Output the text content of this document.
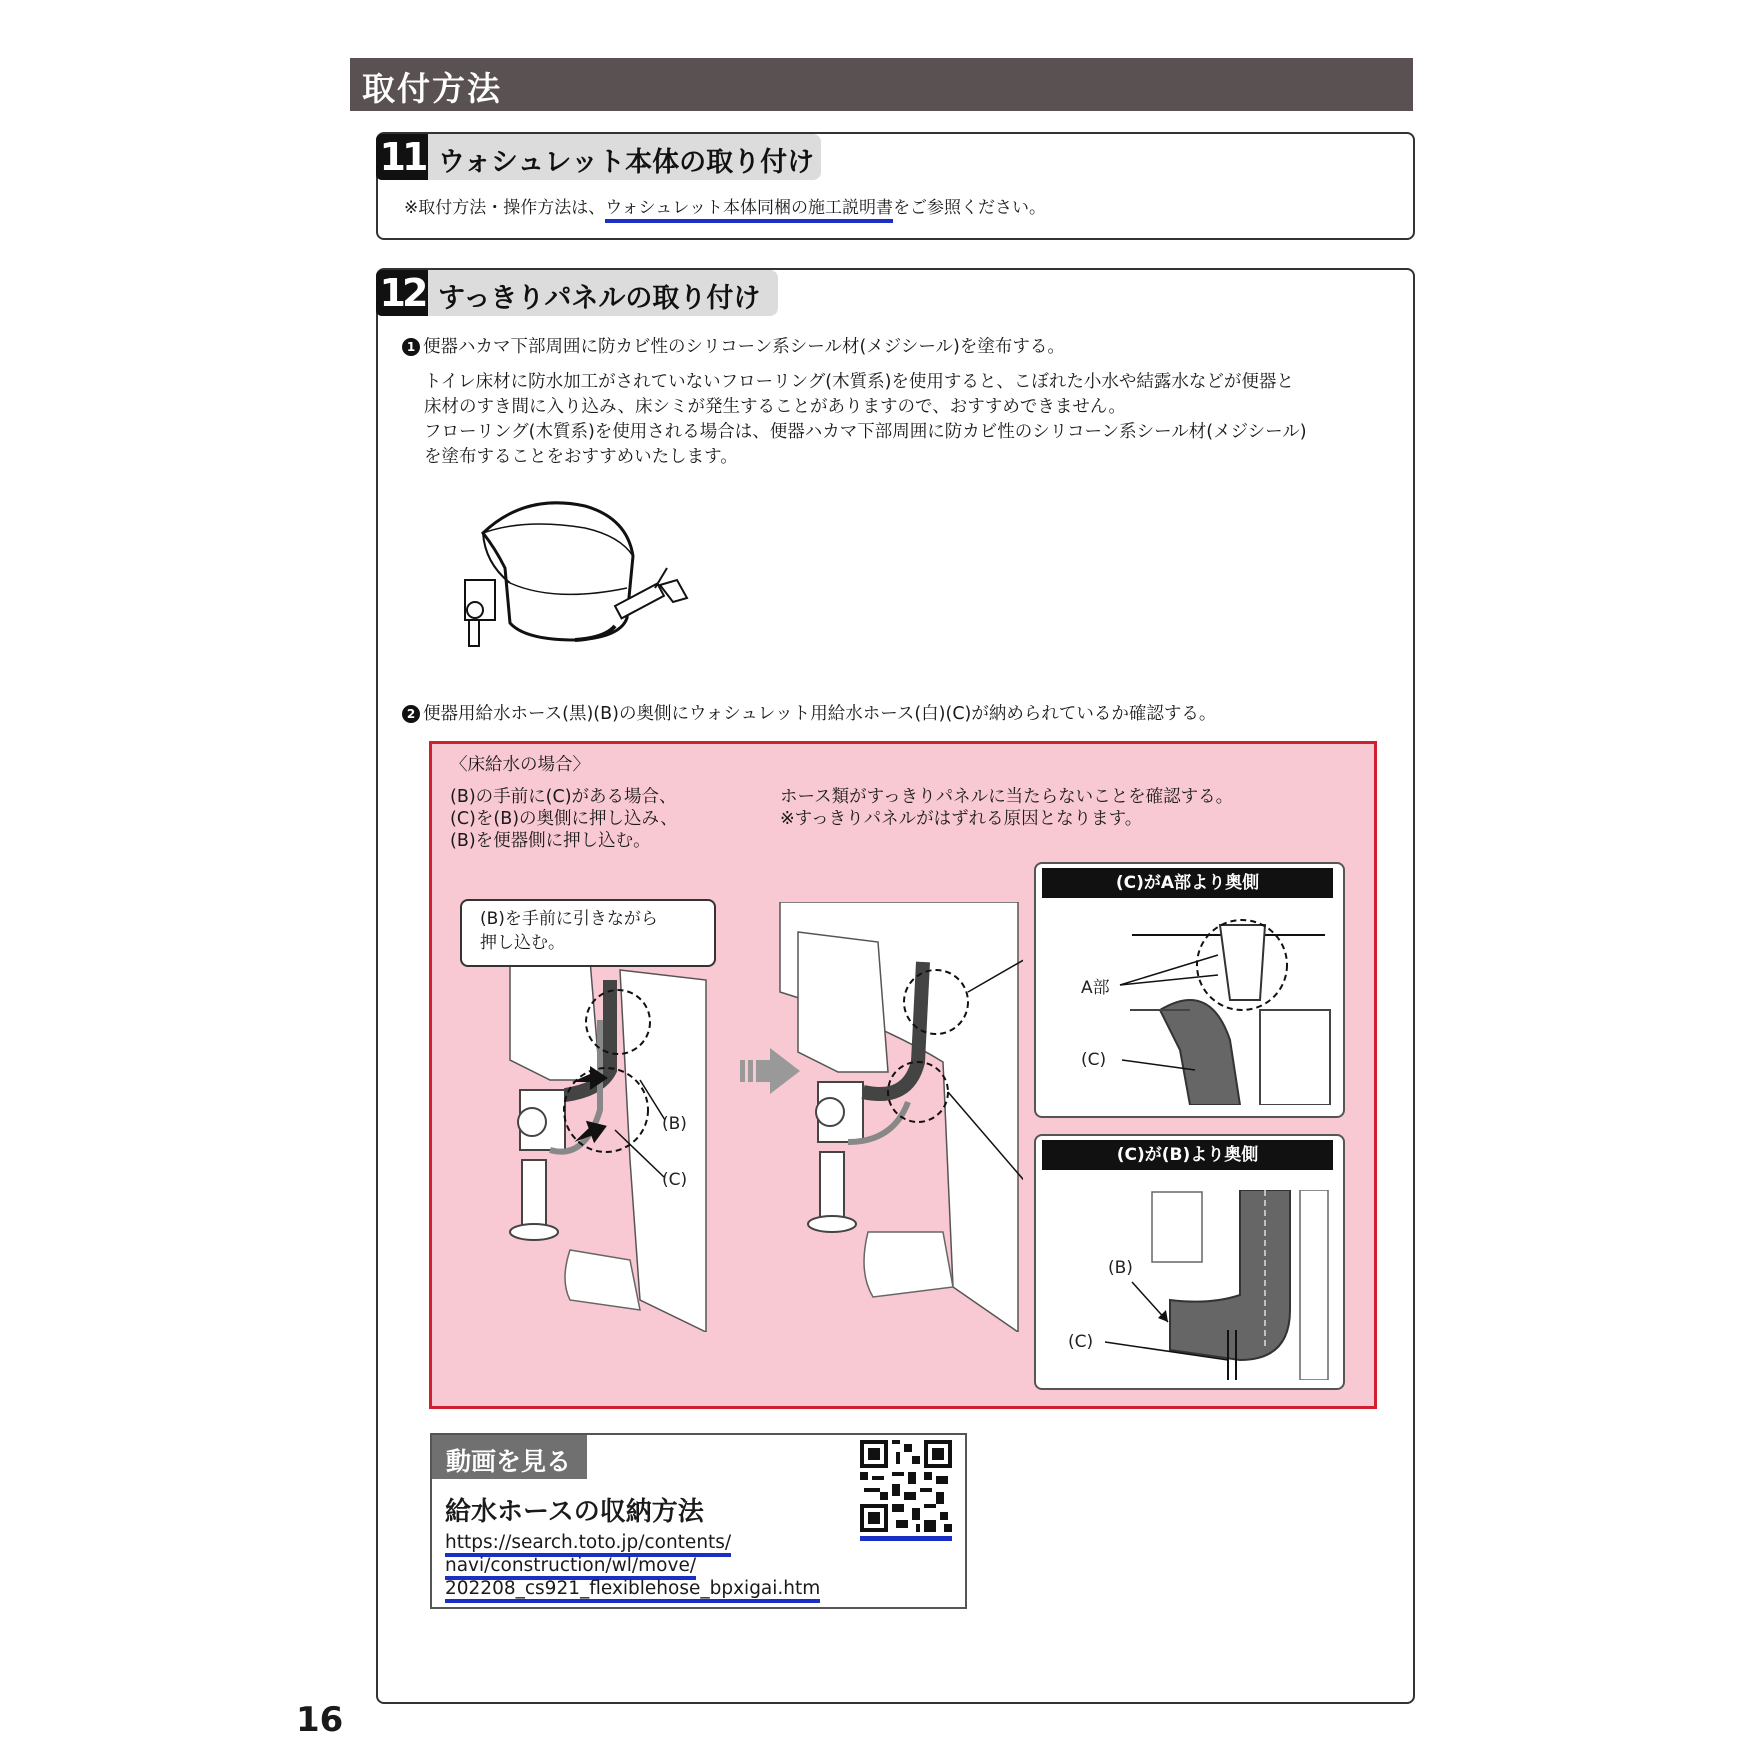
取付方法
11 ウォシュレット本体の取り付け
※取付方法・操作方法は、ウォシュレット本体同梱の施工説明書をご参照ください。
12 すっきりパネルの取り付け
1 便器ハカマ下部周囲に防カビ性のシリコーン系シール材(メジシール)を塗布する。
トイレ床材に防水加工がされていないフローリング(木質系)を使用すると、こぼれた小水や結露水などが便器と
床材のすき間に入り込み、床シミが発生することがありますので、おすすめできません。
フローリング(木質系)を使用される場合は、便器ハカマ下部周囲に防カビ性のシリコーン系シール材(メジシール)
を塗布することをおすすめいたします。
2 便器用給水ホース(黒)(B)の奥側にウォシュレット用給水ホース(白)(C)が納められているか確認する。
〈床給水の場合〉
(B)の手前に(C)がある場合、
(C)を(B)の奥側に押し込み、
(B)を便器側に押し込む。
ホース類がすっきりパネルに当たらないことを確認する。
※すっきりパネルがはずれる原因となります。
(B)を手前に引きながら
押し込む。
(B)
(C)
(C)がA部より奥側
A部
(C)
(C)が(B)より奥側
(B)
(C)
動画を見る
給水ホースの収納方法
https://search.toto.jp/contents/
navi/construction/wl/move/
202208_cs921_flexiblehose_bpxigai.htm
16
